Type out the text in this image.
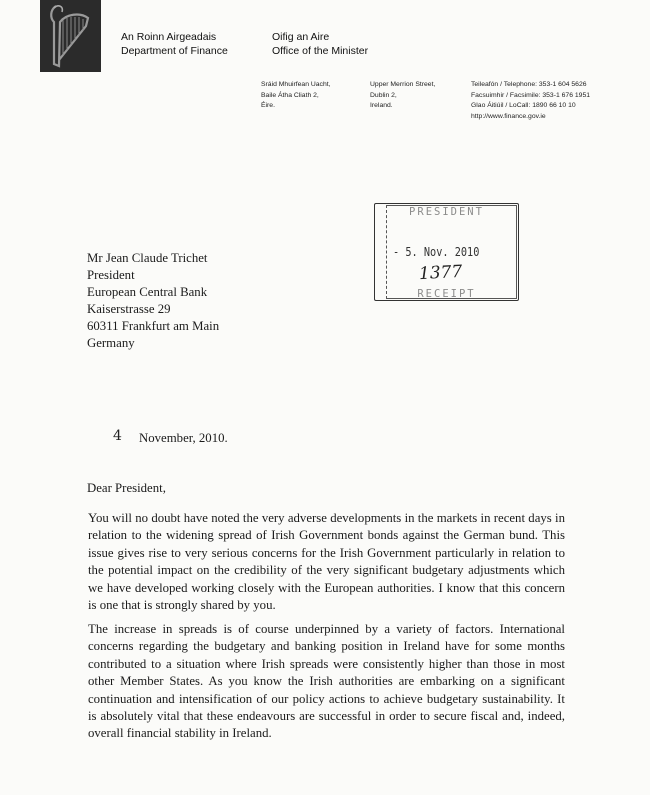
An Roinn Airgeadais
Department of Finance
Oifig an Aire
Office of the Minister
Sráid Mhuirfean Uacht,
Baile Átha Cliath 2,
Éire.
Upper Merrion Street,
Dublin 2,
Ireland.
Teileafón / Telephone: 353-1 604 5626
Facsuimhir / Facsimile: 353-1 676 1951
Glao Áitiúil / LoCall: 1890 66 10 10
http://www.finance.gov.ie
PRESIDENT
- 5. Nov. 2010
1377
RECEIPT
Mr Jean Claude Trichet
President
European Central Bank
Kaiserstrasse 29
60311 Frankfurt am Main
Germany
4 November, 2010.
Dear President,
You will no doubt have noted the very adverse developments in the markets in recent days in relation to the widening spread of Irish Government bonds against the German bund. This issue gives rise to very serious concerns for the Irish Government particularly in relation to the potential impact on the credibility of the very significant budgetary adjustments which we have developed working closely with the European authorities. I know that this concern is one that is strongly shared by you.
The increase in spreads is of course underpinned by a variety of factors. International concerns regarding the budgetary and banking position in Ireland have for some months contributed to a situation where Irish spreads were consistently higher than those in most other Member States. As you know the Irish authorities are embarking on a significant continuation and intensification of our policy actions to achieve budgetary sustainability. It is absolutely vital that these endeavours are successful in order to secure fiscal and, indeed, overall financial stability in Ireland.
